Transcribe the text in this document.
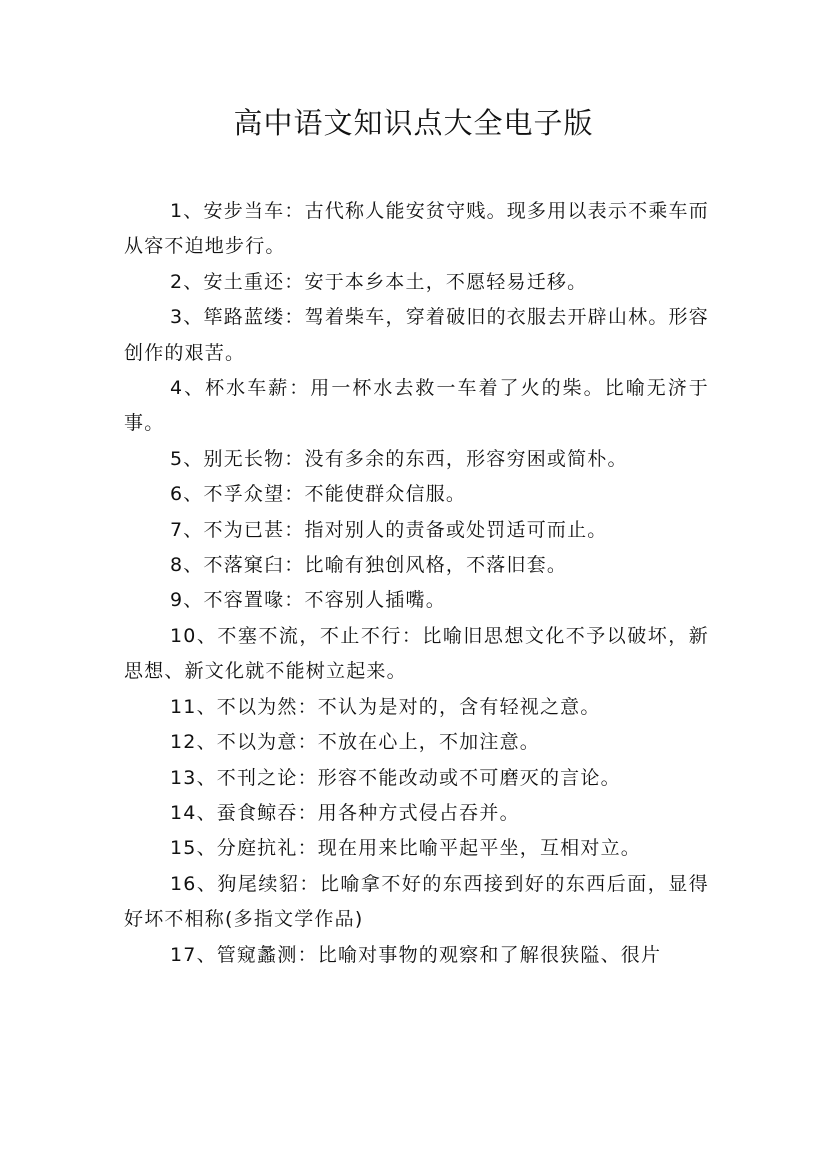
高中语文知识点大全电子版

1、安步当车：古代称人能安贫守贱。现多用以表示不乘车而从容不迫地步行。

2、安土重还：安于本乡本土，不愿轻易迁移。

3、筚路蓝缕：驾着柴车，穿着破旧的衣服去开辟山林。形容创作的艰苦。

4、杯水车薪：用一杯水去救一车着了火的柴。比喻无济于事。

5、别无长物：没有多余的东西，形容穷困或简朴。

6、不孚众望：不能使群众信服。

7、不为已甚：指对别人的责备或处罚适可而止。

8、不落窠臼：比喻有独创风格，不落旧套。

9、不容置喙：不容别人插嘴。

10、不塞不流，不止不行：比喻旧思想文化不予以破坏，新思想、新文化就不能树立起来。

11、不以为然：不认为是对的，含有轻视之意。

12、不以为意：不放在心上，不加注意。

13、不刊之论：形容不能改动或不可磨灭的言论。

14、蚕食鲸吞：用各种方式侵占吞并。

15、分庭抗礼：现在用来比喻平起平坐，互相对立。

16、狗尾续貂：比喻拿不好的东西接到好的东西后面，显得好坏不相称(多指文学作品)

17、管窥蠡测：比喻对事物的观察和了解很狭隘、很片
